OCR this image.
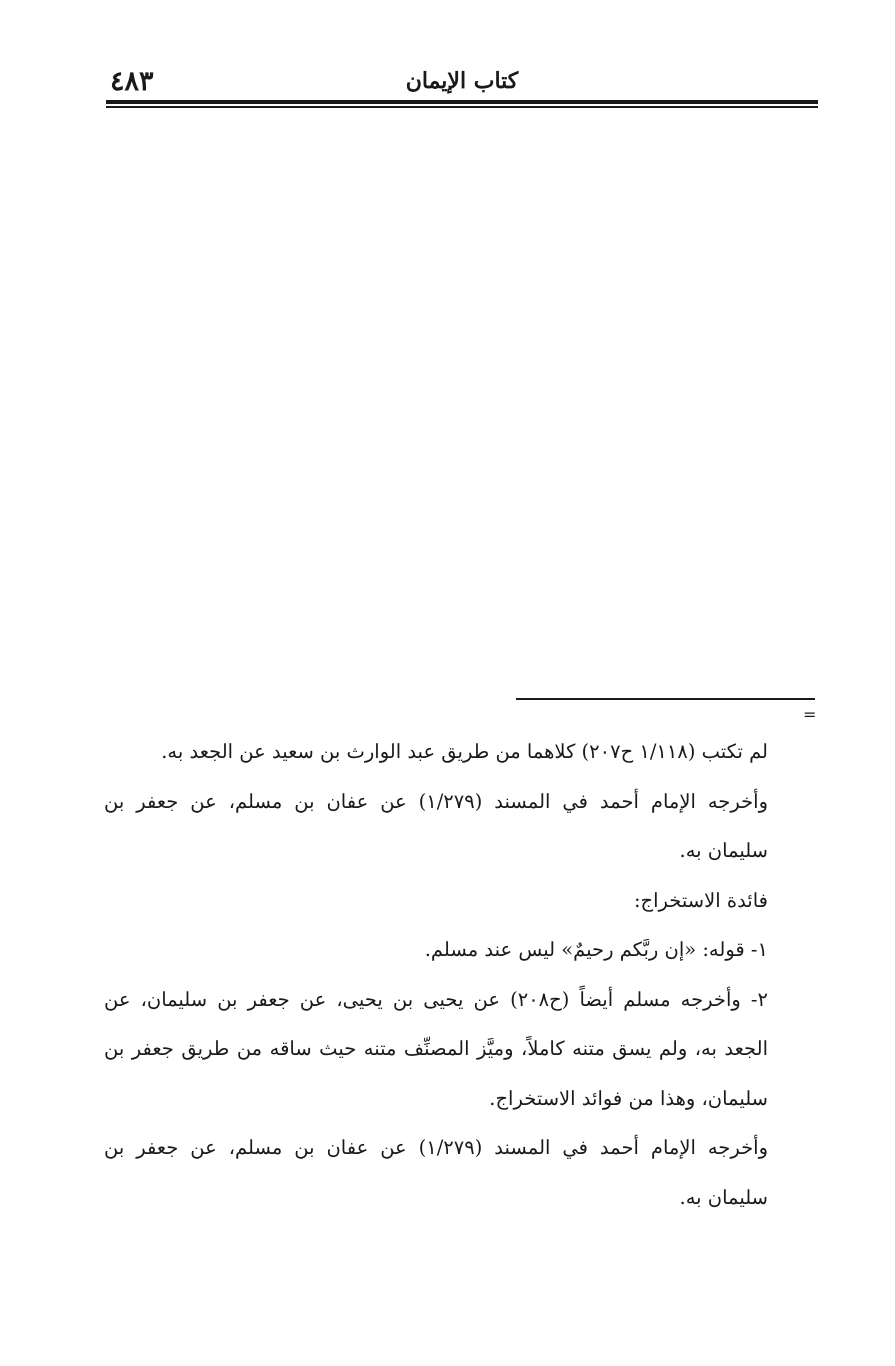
٤٨٣	كتاب الإيمان
=
لم تكتب (١/١١٨ ح٢٠٧) كلاهما من طريق عبد الوارث بن سعيد عن الجعد به.
وأخرجه الإمام أحمد في المسند (١/٢٧٩) عن عفان بن مسلم، عن جعفر بن
سليمان به.
فائدة الاستخراج:
١- قوله: «إن ربَّكم رحيمٌ» ليس عند مسلم.
٢- وأخرجه مسلم أيضاً (ح٢٠٨) عن يحيى بن يحيى، عن جعفر بن سليمان، عن
الجعد به، ولم يسق متنه كاملاً، وميَّز المصنِّف متنه حيث ساقه من طريق جعفر بن
سليمان، وهذا من فوائد الاستخراج.
وأخرجه الإمام أحمد في المسند (١/٢٧٩) عن عفان بن مسلم، عن جعفر بن
سليمان به.
